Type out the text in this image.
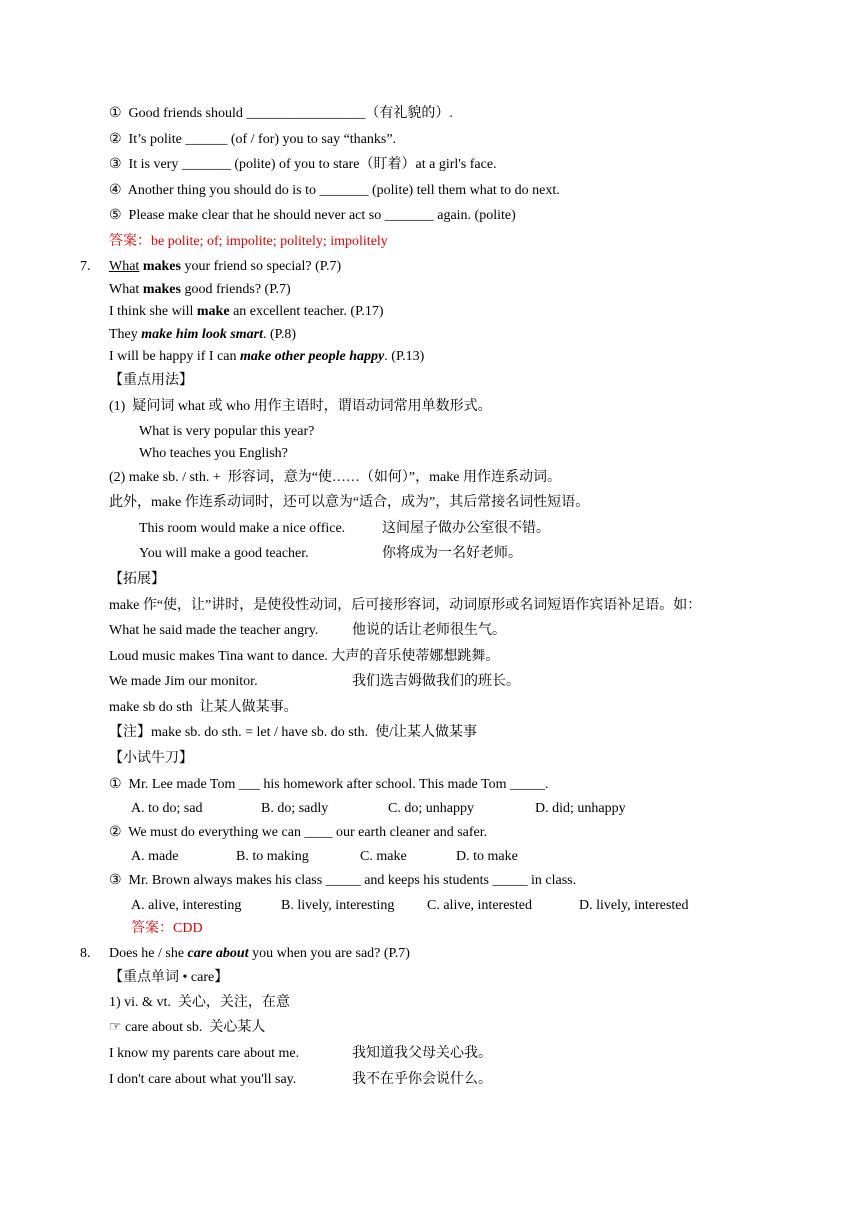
①  Good friends should _________________（有礼貌的）.
②  It’s polite ______ (of / for) you to say “thanks”.
③  It is very _______ (polite) of you to stare（盯着）at a girl's face.
④  Another thing you should do is to _______ (polite) tell them what to do next.
⑤  Please make clear that he should never act so _______ again. (polite)
答案：be polite; of; impolite; politely; impolitely
7. What makes your friend so special? (P.7)
What makes good friends? (P.7)
I think she will make an excellent teacher. (P.17)
They make him look smart. (P.8)
I will be happy if I can make other people happy. (P.13)
【重点用法】
(1)  疑问词 what 或 who 用作主语时，谓语动词常用单数形式。
What is very popular this year?
Who teaches you English?
(2) make sb. / sth. +  形容词，意为“使……（如何）”，make 用作连系动词。
此外，make 作连系动词时，还可以意为“适合，成为”，其后常接名词性短语。
This room would make a nice office.	这间屋子做办公室很不错。
You will make a good teacher.	你将成为一名好老师。
【拓展】
make 作“使，让”讲时，是使役性动词，后可接形容词，动词原形或名词短语作宾语补足语。如：
What he said made the teacher angry. 他说的话让老师很生气。
Loud music makes Tina want to dance. 大声的音乐使蒂娜想跳舞。
We made Jim our monitor.	我们选吉姆做我们的班长。
make sb do sth  让某人做某事。
【注】make sb. do sth. = let / have sb. do sth.  使/让某人做某事
【小试牛刀】
①  Mr. Lee made Tom ___ his homework after school. This made Tom _____.
A. to do; sad	B. do; sadly	C. do; unhappy	D. did; unhappy
②  We must do everything we can ____ our earth cleaner and safer.
A. made	B. to making	C. make	D. to make
③  Mr. Brown always makes his class _____ and keeps his students _____ in class.
A. alive, interesting	B. lively, interesting C. alive, interested	D. lively, interested
答案：CDD
8. Does he / she care about you when you are sad? (P.7)
【重点单词 • care】
1) vi. & vt.  关心，关注，在意
☞ care about sb.  关心某人
I know my parents care about me.	我知道我父母关心我。
I don't care about what you'll say.	我不在乎你会说什么。
